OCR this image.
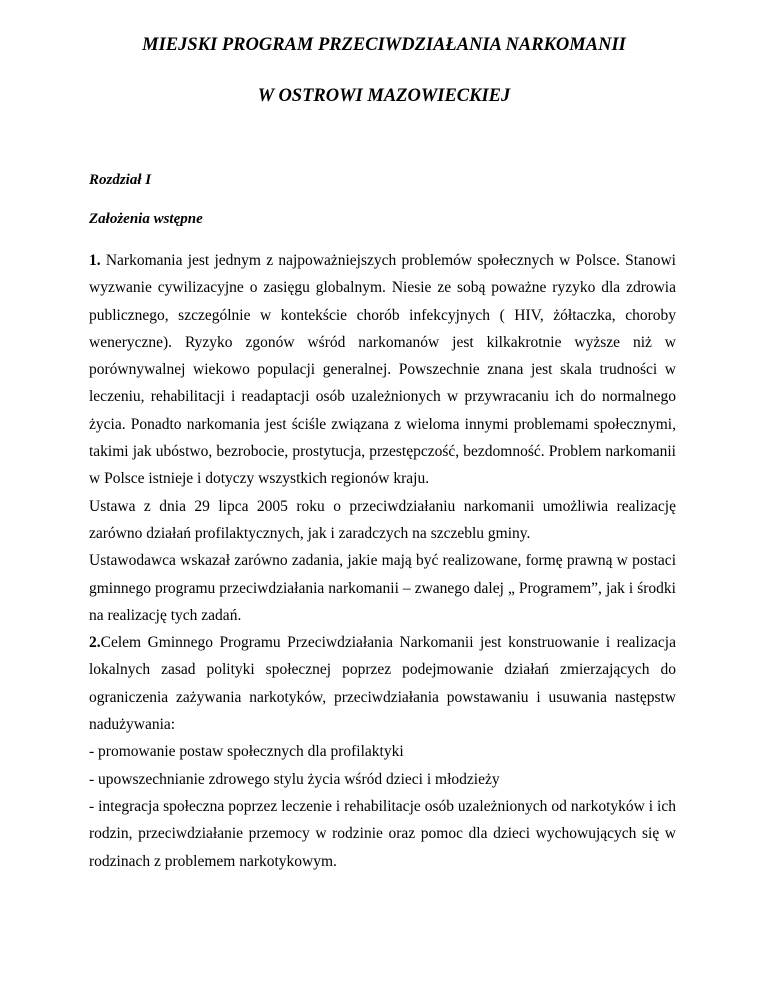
MIEJSKI PROGRAM PRZECIWDZIAŁANIA NARKOMANII
W OSTROWI MAZOWIECKIEJ
Rozdział I
Założenia wstępne

1. Narkomania jest jednym z najpoważniejszych problemów społecznych w Polsce. Stanowi wyzwanie cywilizacyjne o zasięgu globalnym. Niesie ze sobą poważne ryzyko dla zdrowia publicznego, szczególnie w kontekście chorób infekcyjnych ( HIV, żółtaczka, choroby weneryczne). Ryzyko zgonów wśród narkomanów jest kilkakrotnie wyższe niż w porównywalnej wiekowo populacji generalnej. Powszechnie znana jest skala trudności w leczeniu, rehabilitacji i readaptacji osób uzależnionych w przywracaniu ich do normalnego życia. Ponadto narkomania jest ściśle związana z wieloma innymi problemami społecznymi, takimi jak ubóstwo, bezrobocie, prostytucja, przestępczość, bezdomność. Problem narkomanii w Polsce istnieje i dotyczy wszystkich regionów kraju.

Ustawa z dnia 29 lipca 2005 roku o przeciwdziałaniu narkomanii umożliwia realizację zarówno działań profilaktycznych, jak i zaradczych na szczeblu gminy.

Ustawodawca wskazał zarówno zadania, jakie mają być realizowane, formę prawną w postaci gminnego programu przeciwdziałania narkomanii – zwanego dalej „ Programem”, jak i środki na realizację tych zadań.

2.Celem Gminnego Programu Przeciwdziałania Narkomanii jest konstruowanie i realizacja lokalnych zasad polityki społecznej poprzez podejmowanie działań zmierzających do ograniczenia zażywania narkotyków, przeciwdziałania powstawaniu i usuwania następstw nadużywania:

- promowanie postaw społecznych dla profilaktyki

- upowszechnianie zdrowego stylu życia wśród dzieci i młodzieży

- integracja społeczna poprzez leczenie i rehabilitacje osób uzależnionych od narkotyków i ich rodzin, przeciwdziałanie przemocy w rodzinie oraz pomoc dla dzieci wychowujących się w rodzinach z problemem narkotykowym.
